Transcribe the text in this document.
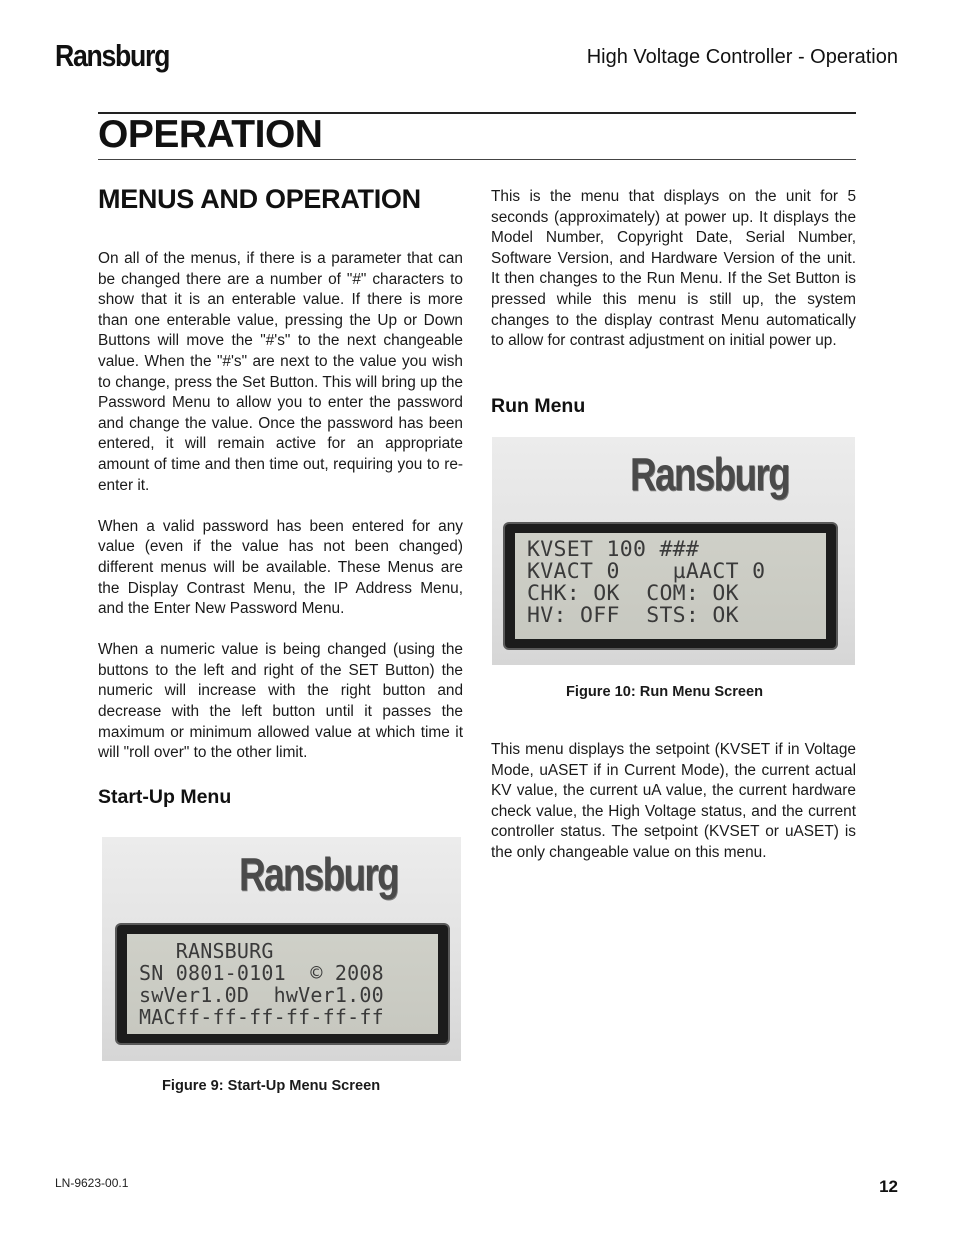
Ransburg	High Voltage Controller - Operation
OPERATION
MENUS AND OPERATION

On all of the menus, if there is a parameter that can be changed there are a number of "#" characters to show that it is an enterable value. If there is more than one enterable value, pressing the Up or Down Buttons will move the "#'s" to the next changeable value. When the "#'s" are next to the value you wish to change, press the Set Button. This will bring up the Password Menu to allow you to enter the password and change the value. Once the password has been entered, it will remain active for an appropriate amount of time and then time out, requiring you to re-enter it.

When a valid password has been entered for any value (even if the value has not been changed) different menus will be available. These Menus are the Display Contrast Menu, the IP Address Menu, and the Enter New Password Menu.

When a numeric value is being changed (using the buttons to the left and right of the SET Button) the numeric will increase with the right button and decrease with the left button until it passes the maximum or minimum allowed value at which time it will "roll over" to the other limit.

Start-Up Menu
Ransburg
RANSBURG
SN 0801-0101  © 2008
swVer1.0D  hwVer1.00
MACff-ff-ff-ff-ff-ff
Figure 9: Start-Up Menu Screen

This is the menu that displays on the unit for 5 seconds (approximately) at power up. It displays the Model Number, Copyright Date, Serial Number, Software Version, and Hardware Version of the unit. It then changes to the Run Menu. If the Set Button is pressed while this menu is still up, the system changes to the display contrast Menu automatically to allow for contrast adjustment on initial power up.

Run Menu
Ransburg
KVSET 100 ###
KVACT 0    µAACT 0
CHK: OK  COM: OK
HV: OFF  STS: OK
Figure 10: Run Menu Screen

This menu displays the setpoint (KVSET if in Voltage Mode, uASET if in Current Mode), the current actual KV value, the current uA value, the current hardware check value, the High Voltage status, and the current controller status. The setpoint (KVSET or uASET) is the only changeable value on this menu.

LN-9623-00.1	12
